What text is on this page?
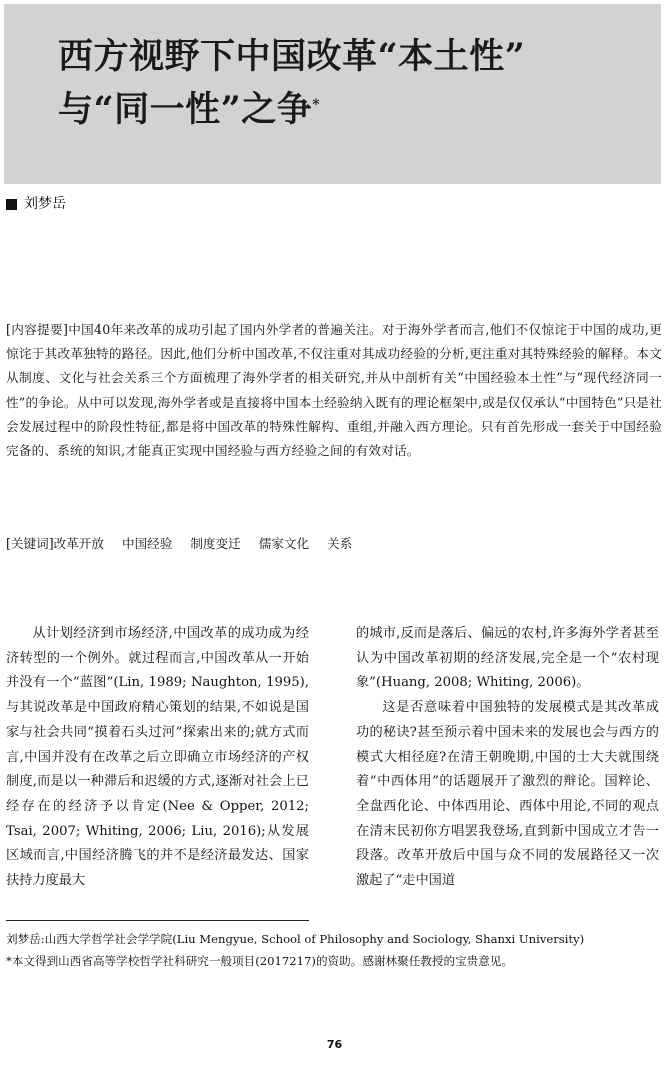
西方视野下中国改革“本土性”
与“同一性”之争*
刘梦岳
[内容提要]中国40年来改革的成功引起了国内外学者的普遍关注。对于海外学者而言,他们不仅惊诧于中国的成功,更惊诧于其改革独特的路径。因此,他们分析中国改革,不仅注重对其成功经验的分析,更注重对其特殊经验的解释。本文从制度、文化与社会关系三个方面梳理了海外学者的相关研究,并从中剖析有关“中国经验本土性”与“现代经济同一性”的争论。从中可以发现,海外学者或是直接将中国本土经验纳入既有的理论框架中,或是仅仅承认“中国特色”只是社会发展过程中的阶段性特征,都是将中国改革的特殊性解构、重组,并融入西方理论。只有首先形成一套关于中国经验完备的、系统的知识,才能真正实现中国经验与西方经验之间的有效对话。
[关键词]改革开放 中国经验 制度变迁 儒家文化 关系

从计划经济到市场经济,中国改革的成功成为经济转型的一个例外。就过程而言,中国改革从一开始并没有一个“蓝图”(Lin, 1989; Naughton, 1995),与其说改革是中国政府精心策划的结果,不如说是国家与社会共同“摸着石头过河”探索出来的;就方式而言,中国并没有在改革之后立即确立市场经济的产权制度,而是以一种滞后和迟缓的方式,逐渐对社会上已经存在的经济予以肯定(Nee & Opper, 2012; Tsai, 2007; Whiting, 2006; Liu, 2016);从发展区域而言,中国经济腾飞的并不是经济最发达、国家扶持力度最大

的城市,反而是落后、偏远的农村,许多海外学者甚至认为中国改革初期的经济发展,完全是一个“农村现象”(Huang, 2008; Whiting, 2006)。

这是否意味着中国独特的发展模式是其改革成功的秘诀?甚至预示着中国未来的发展也会与西方的模式大相径庭?在清王朝晚期,中国的士大夫就围绕着“中西体用”的话题展开了激烈的辩论。国粹论、全盘西化论、中体西用论、西体中用论,不同的观点在清末民初你方唱罢我登场,直到新中国成立才告一段落。改革开放后中国与众不同的发展路径又一次激起了“走中国道

刘梦岳:山西大学哲学社会学学院(Liu Mengyue, School of Philosophy and Sociology, Shanxi University)
*本文得到山西省高等学校哲学社科研究一般项目(2017217)的资助。感谢林聚任教授的宝贵意见。
76
